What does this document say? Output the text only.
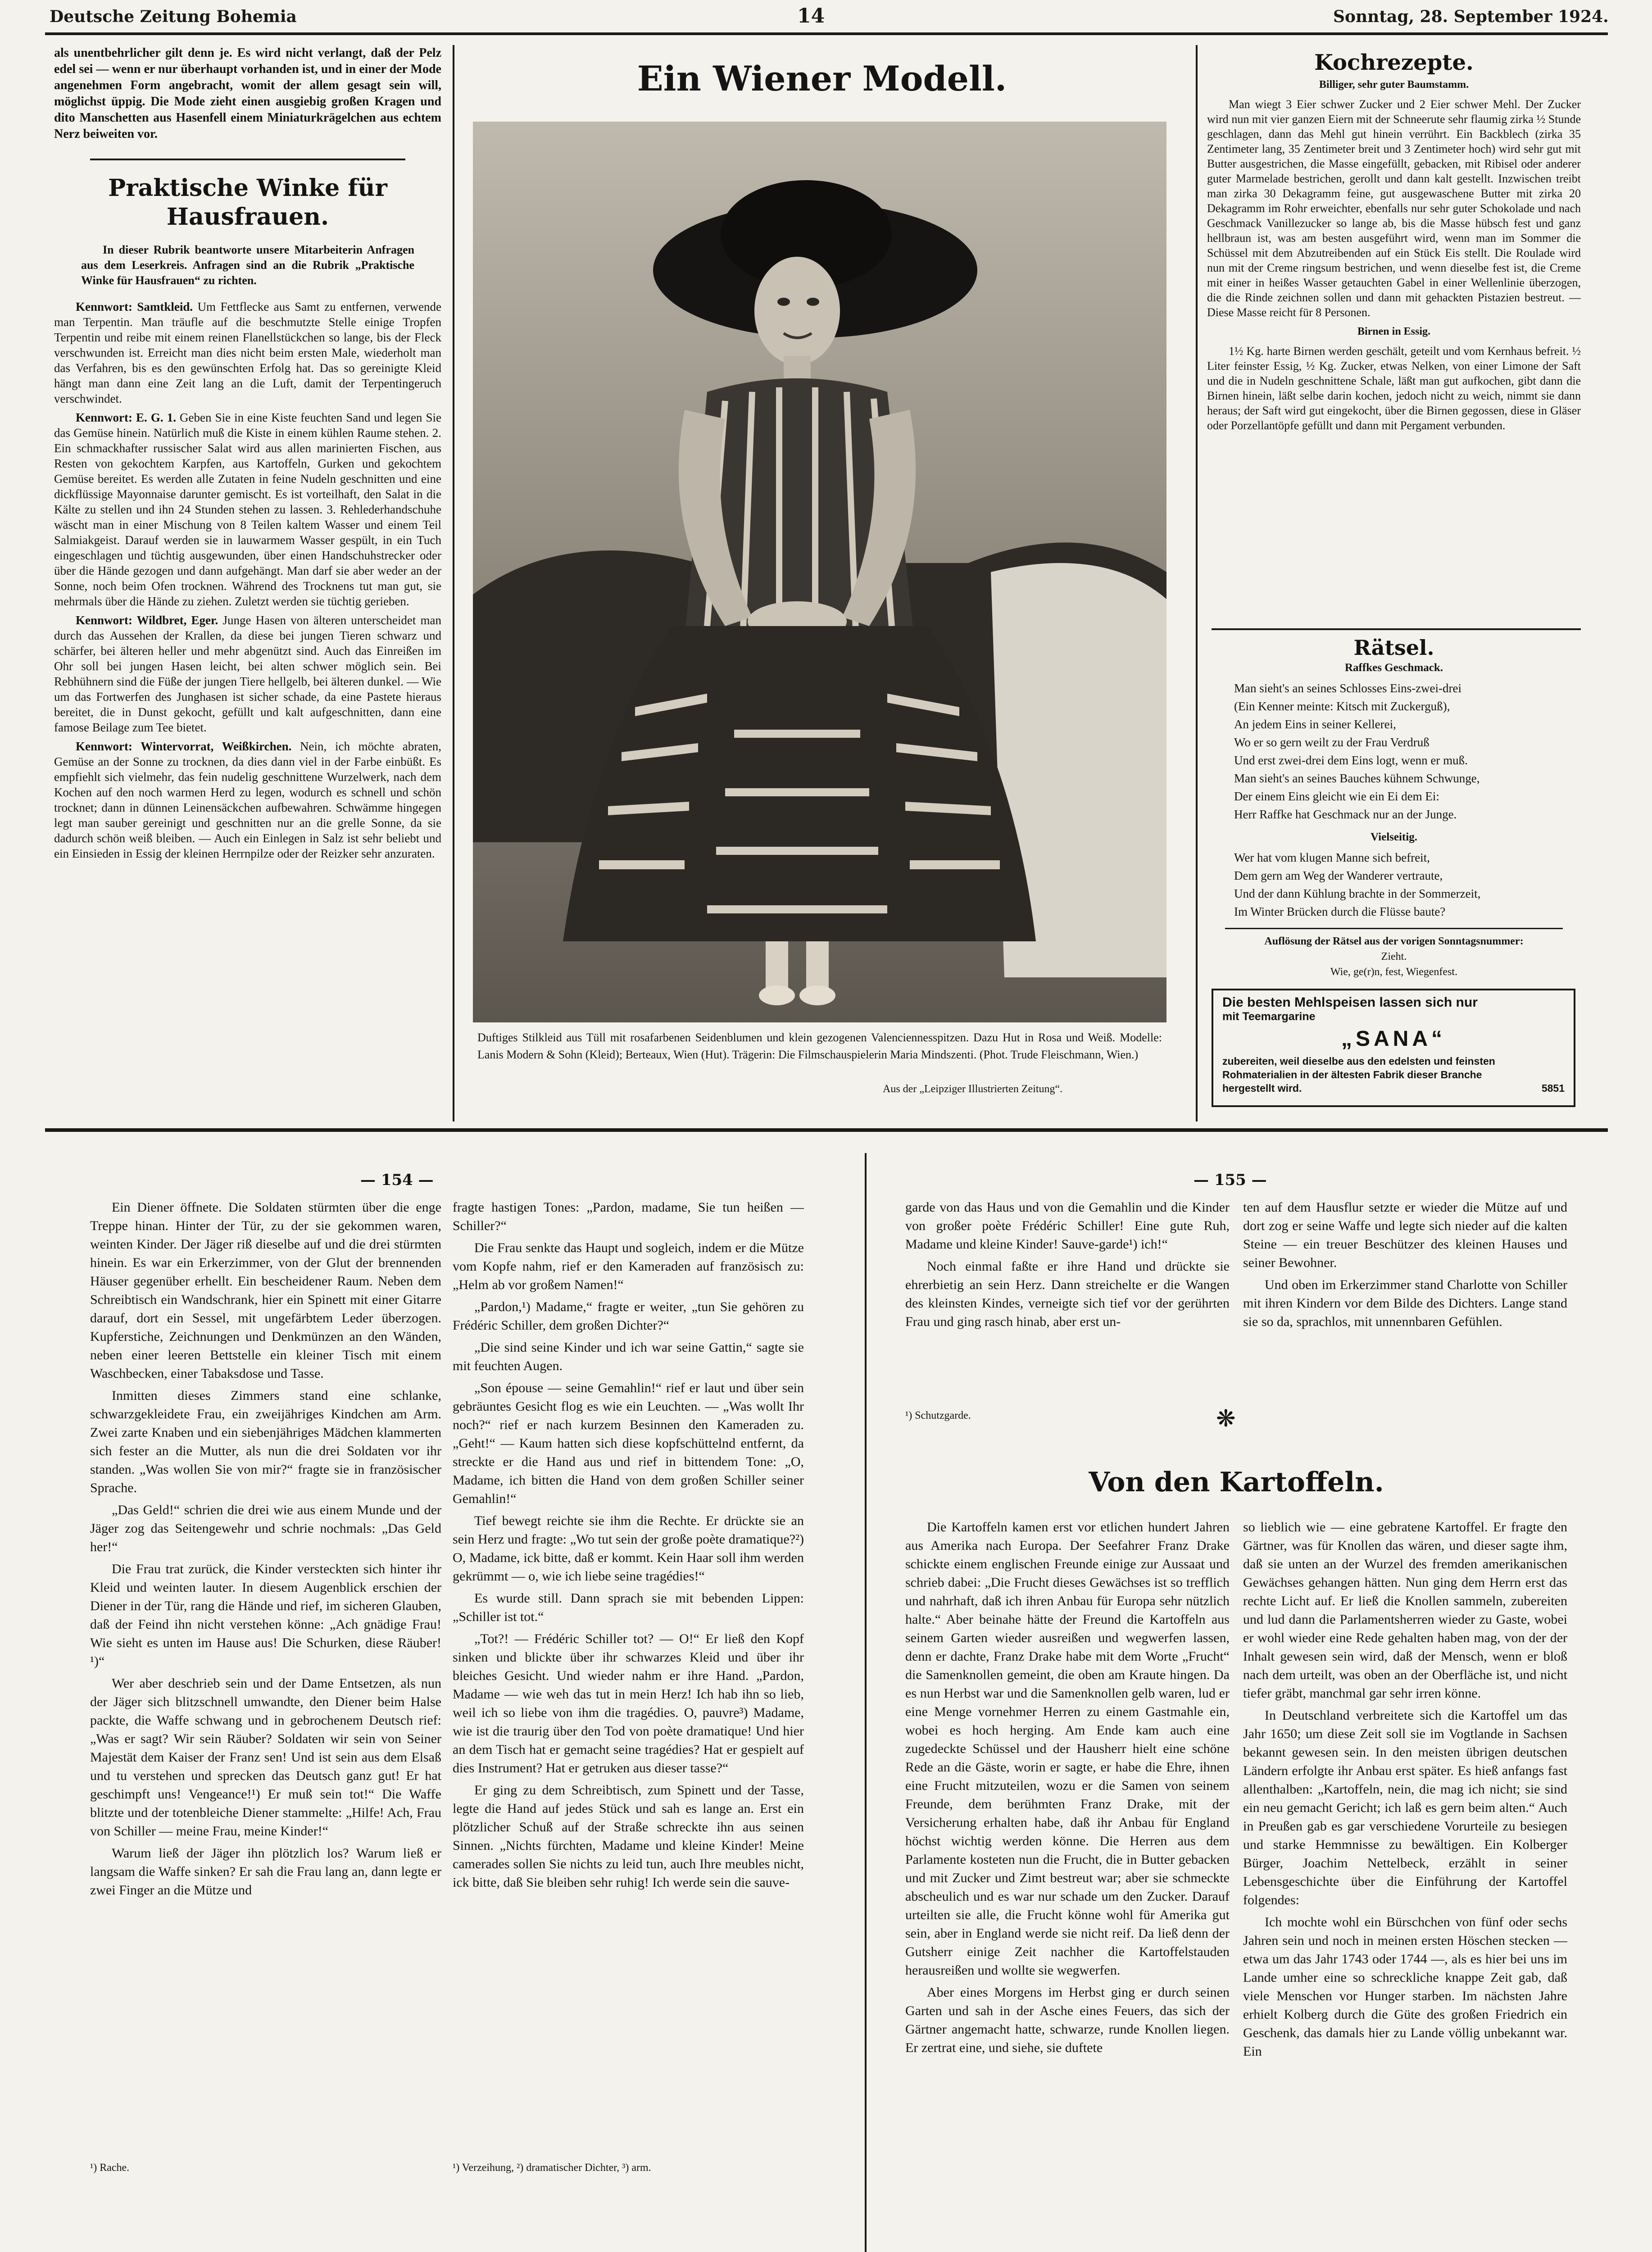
Deutsche Zeitung Bohemia	14	Sonntag, 28. September 1924.

als unentbehrlicher gilt denn je. Es wird nicht verlangt, daß der Pelz edel sei — wenn er nur überhaupt vorhanden ist, und in einer der Mode angenehmen Form angebracht, womit der allem gesagt sein will, möglichst üppig. Die Mode zieht einen ausgiebig großen Kragen und dito Manschetten aus Hasenfell einem Miniaturkrägelchen aus echtem Nerz beiweiten vor.

Praktische Winke für Hausfrauen.

In dieser Rubrik beantworte unsere Mitarbeiterin Anfragen aus dem Leserkreis. Anfragen sind an die Rubrik „Praktische Winke für Hausfrauen“ zu richten.

Kennwort: Samtkleid. Um Fettflecke aus Samt zu entfernen, verwende man Terpentin. Man träufle auf die beschmutzte Stelle einige Tropfen Terpentin und reibe mit einem reinen Flanellstückchen so lange, bis der Fleck verschwunden ist. Erreicht man dies nicht beim ersten Male, wiederholt man das Verfahren, bis es den gewünschten Erfolg hat. Das so gereinigte Kleid hängt man dann eine Zeit lang an die Luft, damit der Terpentingeruch verschwindet.

Kennwort: E. G. 1. Geben Sie in eine Kiste feuchten Sand und legen Sie das Gemüse hinein. Natürlich muß die Kiste in einem kühlen Raume stehen. 2. Ein schmackhafter russischer Salat wird aus allen marinierten Fischen, aus Resten von gekochtem Karpfen, aus Kartoffeln, Gurken und gekochtem Gemüse bereitet. Es werden alle Zutaten in feine Nudeln geschnitten und eine dickflüssige Mayonnaise darunter gemischt. Es ist vorteilhaft, den Salat in die Kälte zu stellen und ihn 24 Stunden stehen zu lassen. 3. Rehlederhandschuhe wäscht man in einer Mischung von 8 Teilen kaltem Wasser und einem Teil Salmiakgeist. Darauf werden sie in lauwarmem Wasser gespült, in ein Tuch eingeschlagen und tüchtig ausgewunden, über einen Handschuhstrecker oder über die Hände gezogen und dann aufgehängt. Man darf sie aber weder an der Sonne, noch beim Ofen trocknen. Während des Trocknens tut man gut, sie mehrmals über die Hände zu ziehen. Zuletzt werden sie tüchtig gerieben.

Kennwort: Wildbret, Eger. Junge Hasen von älteren unterscheidet man durch das Aussehen der Krallen, da diese bei jungen Tieren schwarz und schärfer, bei älteren heller und mehr abgenützt sind. Auch das Einreißen im Ohr soll bei jungen Hasen leicht, bei alten schwer möglich sein. Bei Rebhühnern sind die Füße der jungen Tiere hellgelb, bei älteren dunkel. — Wie um das Fortwerfen des Junghasen ist sicher schade, da eine Pastete hieraus bereitet, die in Dunst gekocht, gefüllt und kalt aufgeschnitten, dann eine famose Beilage zum Tee bietet.

Kennwort: Wintervorrat, Weißkirchen. Nein, ich möchte abraten, Gemüse an der Sonne zu trocknen, da dies dann viel in der Farbe einbüßt. Es empfiehlt sich vielmehr, das fein nudelig geschnittene Wurzelwerk, nach dem Kochen auf den noch warmen Herd zu legen, wodurch es schnell und schön trocknet; dann in dünnen Leinensäckchen aufbewahren. Schwämme hingegen legt man sauber gereinigt und geschnitten nur an die grelle Sonne, da sie dadurch schön weiß bleiben. — Auch ein Einlegen in Salz ist sehr beliebt und ein Einsieden in Essig der kleinen Herrnpilze oder der Reizker sehr anzuraten.

Ein Wiener Modell.
Duftiges Stilkleid aus Tüll mit rosafarbenen Seidenblumen und klein gezogenen Valenciennesspitzen. Dazu Hut in Rosa und Weiß. Modelle: Lanis Modern & Sohn (Kleid); Berteaux, Wien (Hut). Trägerin: Die Filmschauspielerin Maria Mindszenti. (Phot. Trude Fleischmann, Wien.)
Aus der „Leipziger Illustrierten Zeitung“.
Kochrezepte.
Billiger, sehr guter Baumstamm.

Man wiegt 3 Eier schwer Zucker und 2 Eier schwer Mehl. Der Zucker wird nun mit vier ganzen Eiern mit der Schneerute sehr flaumig zirka ½ Stunde geschlagen, dann das Mehl gut hinein verrührt. Ein Backblech (zirka 35 Zentimeter lang, 35 Zentimeter breit und 3 Zentimeter hoch) wird sehr gut mit Butter ausgestrichen, die Masse eingefüllt, gebacken, mit Ribisel oder anderer guter Marmelade bestrichen, gerollt und dann kalt gestellt. Inzwischen treibt man zirka 30 Dekagramm feine, gut ausgewaschene Butter mit zirka 20 Dekagramm im Rohr erweichter, ebenfalls nur sehr guter Schokolade und nach Geschmack Vanillezucker so lange ab, bis die Masse hübsch fest und ganz hellbraun ist, was am besten ausgeführt wird, wenn man im Sommer die Schüssel mit dem Abzutreibenden auf ein Stück Eis stellt. Die Roulade wird nun mit der Creme ringsum bestrichen, und wenn dieselbe fest ist, die Creme mit einer in heißes Wasser getauchten Gabel in einer Wellenlinie überzogen, die die Rinde zeichnen sollen und dann mit gehackten Pistazien bestreut. — Diese Masse reicht für 8 Personen.

Birnen in Essig.

1½ Kg. harte Birnen werden geschält, geteilt und vom Kernhaus befreit. ½ Liter feinster Essig, ½ Kg. Zucker, etwas Nelken, von einer Limone der Saft und die in Nudeln geschnittene Schale, läßt man gut aufkochen, gibt dann die Birnen hinein, läßt selbe darin kochen, jedoch nicht zu weich, nimmt sie dann heraus; der Saft wird gut eingekocht, über die Birnen gegossen, diese in Gläser oder Porzellantöpfe gefüllt und dann mit Pergament verbunden.

Rätsel.
Raffkes Geschmack.
Man sieht's an seines Schlosses Eins-zwei-drei
(Ein Kenner meinte: Kitsch mit Zuckerguß),
An jedem Eins in seiner Kellerei,
Wo er so gern weilt zu der Frau Verdruß
Und erst zwei-drei dem Eins logt, wenn er muß.
Man sieht's an seines Bauches kühnem Schwunge,
Der einem Eins gleicht wie ein Ei dem Ei:
Herr Raffke hat Geschmack nur an der Junge.
Vielseitig.
Wer hat vom klugen Manne sich befreit,
Dem gern am Weg der Wanderer vertraute,
Und der dann Kühlung brachte in der Sommerzeit,
Im Winter Brücken durch die Flüsse baute?
Auflösung der Rätsel aus der vorigen Sonntagsnummer:
Zieht.
Wie, ge(r)n, fest, Wiegenfest.
Die besten Mehlspeisen lassen sich nur
mit Teemargarine
„SANA“
zubereiten, weil dieselbe aus den edelsten und feinsten Rohmaterialien in der ältesten Fabrik dieser Branche hergestellt wird.	5851
— 154 —	— 155 —

Ein Diener öffnete. Die Soldaten stürmten über die enge Treppe hinan. Hinter der Tür, zu der sie gekommen waren, weinten Kinder. Der Jäger riß dieselbe auf und die drei stürmten hinein. Es war ein Erkerzimmer, von der Glut der brennenden Häuser gegenüber erhellt. Ein bescheidener Raum. Neben dem Schreibtisch ein Wandschrank, hier ein Spinett mit einer Gitarre darauf, dort ein Sessel, mit ungefärbtem Leder überzogen. Kupferstiche, Zeichnungen und Denkmünzen an den Wänden, neben einer leeren Bettstelle ein kleiner Tisch mit einem Waschbecken, einer Tabaksdose und Tasse.

Inmitten dieses Zimmers stand eine schlanke, schwarzgekleidete Frau, ein zweijähriges Kindchen am Arm. Zwei zarte Knaben und ein siebenjähriges Mädchen klammerten sich fester an die Mutter, als nun die drei Soldaten vor ihr standen. „Was wollen Sie von mir?“ fragte sie in französischer Sprache.

„Das Geld!“ schrien die drei wie aus einem Munde und der Jäger zog das Seitengewehr und schrie nochmals: „Das Geld her!“

Die Frau trat zurück, die Kinder versteckten sich hinter ihr Kleid und weinten lauter. In diesem Augenblick erschien der Diener in der Tür, rang die Hände und rief, im sicheren Glauben, daß der Feind ihn nicht verstehen könne: „Ach gnädige Frau! Wie sieht es unten im Hause aus! Die Schurken, diese Räuber!¹)“

Wer aber deschrieb sein und der Dame Entsetzen, als nun der Jäger sich blitzschnell umwandte, den Diener beim Halse packte, die Waffe schwang und in gebrochenem Deutsch rief: „Was er sagt? Wir sein Räuber? Soldaten wir sein von Seiner Majestät dem Kaiser der Franz sen! Und ist sein aus dem Elsaß und tu verstehen und sprecken das Deutsch ganz gut! Er hat geschimpft uns! Vengeance!¹) Er muß sein tot!“ Die Waffe blitzte und der totenbleiche Diener stammelte: „Hilfe! Ach, Frau von Schiller — meine Frau, meine Kinder!“

Warum ließ der Jäger ihn plötzlich los? Warum ließ er langsam die Waffe sinken? Er sah die Frau lang an, dann legte er zwei Finger an die Mütze und

¹) Rache.

fragte hastigen Tones: „Pardon, madame, Sie tun heißen — Schiller?“

Die Frau senkte das Haupt und sogleich, indem er die Mütze vom Kopfe nahm, rief er den Kameraden auf französisch zu: „Helm ab vor großem Namen!“

„Pardon,¹) Madame,“ fragte er weiter, „tun Sie gehören zu Frédéric Schiller, dem großen Dichter?“

„Die sind seine Kinder und ich war seine Gattin,“ sagte sie mit feuchten Augen.

„Son épouse — seine Gemahlin!“ rief er laut und über sein gebräuntes Gesicht flog es wie ein Leuchten. — „Was wollt Ihr noch?“ rief er nach kurzem Besinnen den Kameraden zu. „Geht!“ — Kaum hatten sich diese kopfschüttelnd entfernt, da streckte er die Hand aus und rief in bittendem Tone: „O, Madame, ich bitten die Hand von dem großen Schiller seiner Gemahlin!“

Tief bewegt reichte sie ihm die Rechte. Er drückte sie an sein Herz und fragte: „Wo tut sein der große poète dramatique?²) O, Madame, ick bitte, daß er kommt. Kein Haar soll ihm werden gekrümmt — o, wie ich liebe seine tragédies!“

Es wurde still. Dann sprach sie mit bebenden Lippen: „Schiller ist tot.“

„Tot?! — Frédéric Schiller tot? — O!“ Er ließ den Kopf sinken und blickte über ihr schwarzes Kleid und über ihr bleiches Gesicht. Und wieder nahm er ihre Hand. „Pardon, Madame — wie weh das tut in mein Herz! Ich hab ihn so lieb, weil ich so liebe von ihm die tragédies. O, pauvre³) Madame, wie ist die traurig über den Tod von poète dramatique! Und hier an dem Tisch hat er gemacht seine tragédies? Hat er gespielt auf dies Instrument? Hat er getruken aus dieser tasse?“

Er ging zu dem Schreibtisch, zum Spinett und der Tasse, legte die Hand auf jedes Stück und sah es lange an. Erst ein plötzlicher Schuß auf der Straße schreckte ihn aus seinen Sinnen. „Nichts fürchten, Madame und kleine Kinder! Meine camerades sollen Sie nichts zu leid tun, auch Ihre meubles nicht, ick bitte, daß Sie bleiben sehr ruhig! Ich werde sein die sauve-

¹) Verzeihung, ²) dramatischer Dichter, ³) arm.

garde von das Haus und von die Gemahlin und die Kinder von großer poète Frédéric Schiller! Eine gute Ruh, Madame und kleine Kinder! Sauve-garde¹) ich!“

Noch einmal faßte er ihre Hand und drückte sie ehrerbietig an sein Herz. Dann streichelte er die Wangen des kleinsten Kindes, verneigte sich tief vor der gerührten Frau und ging rasch hinab, aber erst un-

¹) Schutzgarde.

ten auf dem Hausflur setzte er wieder die Mütze auf und dort zog er seine Waffe und legte sich nieder auf die kalten Steine — ein treuer Beschützer des kleinen Hauses und seiner Bewohner.

Und oben im Erkerzimmer stand Charlotte von Schiller mit ihren Kindern vor dem Bilde des Dichters. Lange stand sie so da, sprachlos, mit unnennbaren Gefühlen.

❋
Von den Kartoffeln.

Die Kartoffeln kamen erst vor etlichen hundert Jahren aus Amerika nach Europa. Der Seefahrer Franz Drake schickte einem englischen Freunde einige zur Aussaat und schrieb dabei: „Die Frucht dieses Gewächses ist so trefflich und nahrhaft, daß ich ihren Anbau für Europa sehr nützlich halte.“ Aber beinahe hätte der Freund die Kartoffeln aus seinem Garten wieder ausreißen und wegwerfen lassen, denn er dachte, Franz Drake habe mit dem Worte „Frucht“ die Samenknollen gemeint, die oben am Kraute hingen. Da es nun Herbst war und die Samenknollen gelb waren, lud er eine Menge vornehmer Herren zu einem Gastmahle ein, wobei es hoch herging. Am Ende kam auch eine zugedeckte Schüssel und der Hausherr hielt eine schöne Rede an die Gäste, worin er sagte, er habe die Ehre, ihnen eine Frucht mitzuteilen, wozu er die Samen von seinem Freunde, dem berühmten Franz Drake, mit der Versicherung erhalten habe, daß ihr Anbau für England höchst wichtig werden könne. Die Herren aus dem Parlamente kosteten nun die Frucht, die in Butter gebacken und mit Zucker und Zimt bestreut war; aber sie schmeckte abscheulich und es war nur schade um den Zucker. Darauf urteilten sie alle, die Frucht könne wohl für Amerika gut sein, aber in England werde sie nicht reif. Da ließ denn der Gutsherr einige Zeit nachher die Kartoffelstauden herausreißen und wollte sie wegwerfen.

Aber eines Morgens im Herbst ging er durch seinen Garten und sah in der Asche eines Feuers, das sich der Gärtner angemacht hatte, schwarze, runde Knollen liegen. Er zertrat eine, und siehe, sie duftete

so lieblich wie — eine gebratene Kartoffel. Er fragte den Gärtner, was für Knollen das wären, und dieser sagte ihm, daß sie unten an der Wurzel des fremden amerikanischen Gewächses gehangen hätten. Nun ging dem Herrn erst das rechte Licht auf. Er ließ die Knollen sammeln, zubereiten und lud dann die Parlamentsherren wieder zu Gaste, wobei er wohl wieder eine Rede gehalten haben mag, von der der Inhalt gewesen sein wird, daß der Mensch, wenn er bloß nach dem urteilt, was oben an der Oberfläche ist, und nicht tiefer gräbt, manchmal gar sehr irren könne.

In Deutschland verbreitete sich die Kartoffel um das Jahr 1650; um diese Zeit soll sie im Vogtlande in Sachsen bekannt gewesen sein. In den meisten übrigen deutschen Ländern erfolgte ihr Anbau erst später. Es hieß anfangs fast allenthalben: „Kartoffeln, nein, die mag ich nicht; sie sind ein neu gemacht Gericht; ich laß es gern beim alten.“ Auch in Preußen gab es gar verschiedene Vorurteile zu besiegen und starke Hemmnisse zu bewältigen. Ein Kolberger Bürger, Joachim Nettelbeck, erzählt in seiner Lebensgeschichte über die Einführung der Kartoffel folgendes:

Ich mochte wohl ein Bürschchen von fünf oder sechs Jahren sein und noch in meinen ersten Höschen stecken — etwa um das Jahr 1743 oder 1744 —, als es hier bei uns im Lande umher eine so schreckliche knappe Zeit gab, daß viele Menschen vor Hunger starben. Im nächsten Jahre erhielt Kolberg durch die Güte des großen Friedrich ein Geschenk, das damals hier zu Lande völlig unbekannt war. Ein
